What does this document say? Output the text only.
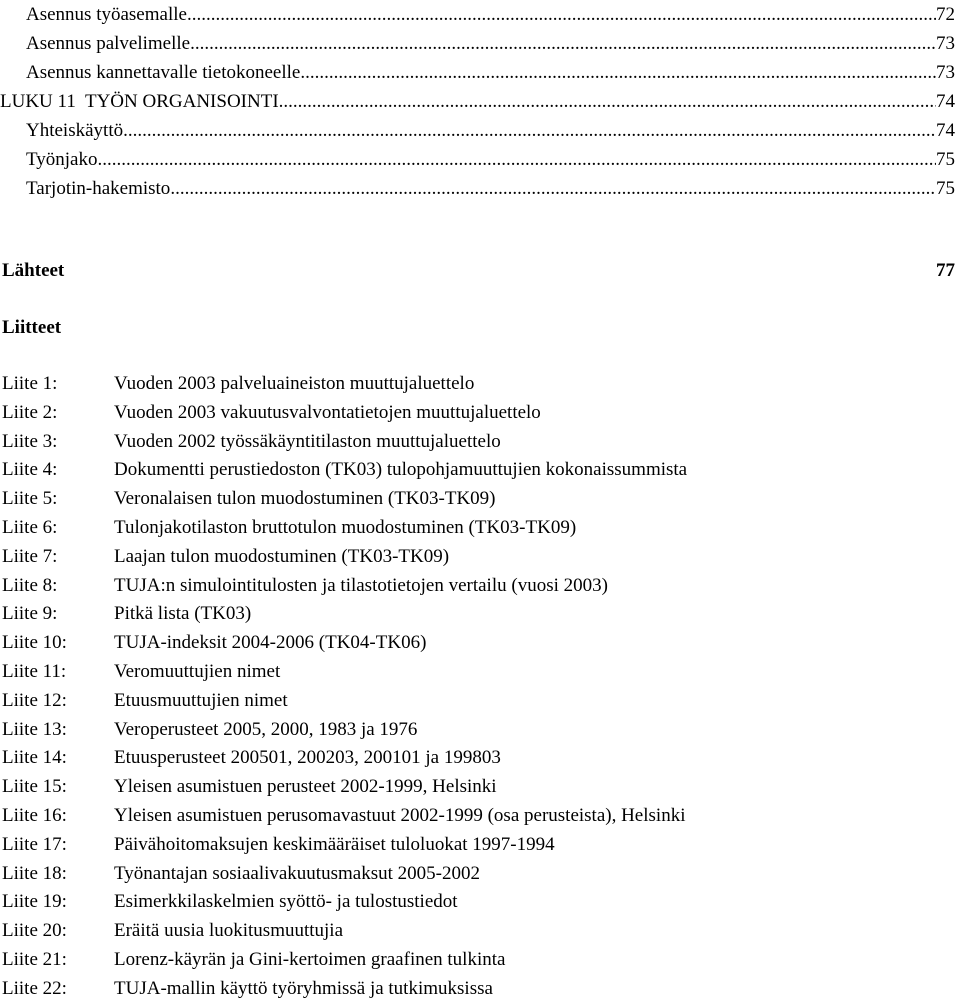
Asennus työasemalle .....	72
Asennus palvelimelle .....	73
Asennus kannettavalle tietokoneelle .....	73
LUKU 11  TYÖN ORGANISOINTI .....	74
Yhteiskäyttö .....	74
Työnjako .....	75
Tarjotin-hakemisto .....	75
Lähteet	77
Liitteet
Liite 1:	Vuoden 2003 palveluaineiston muuttujaluettelo
Liite 2:	Vuoden 2003 vakuutusvalvontatietojen muuttujaluettelo
Liite 3:	Vuoden 2002 työssäkäyntitilaston muuttujaluettelo
Liite 4:	Dokumentti perustiedoston (TK03) tulopohjamuuttujien kokonaissummista
Liite 5:	Veronalaisen tulon muodostuminen (TK03-TK09)
Liite 6:	Tulonjakotilaston bruttotulon muodostuminen (TK03-TK09)
Liite 7:	Laajan tulon muodostuminen (TK03-TK09)
Liite 8:	TUJA:n simulointitulosten ja tilastotietojen vertailu (vuosi 2003)
Liite 9:	Pitkä lista (TK03)
Liite 10:	TUJA-indeksit 2004-2006 (TK04-TK06)
Liite 11:	Veromuuttujien nimet
Liite 12:	Etuusmuuttujien nimet
Liite 13:	Veroperusteet 2005, 2000, 1983 ja 1976
Liite 14:	Etuusperusteet 200501, 200203, 200101 ja 199803
Liite 15:	Yleisen asumistuen perusteet 2002-1999, Helsinki
Liite 16:	Yleisen asumistuen perusomavastuut 2002-1999 (osa perusteista), Helsinki
Liite 17:	Päivähoitomaksujen keskimääräiset tuloluokat 1997-1994
Liite 18:	Työnantajan sosiaalivakuutusmaksut 2005-2002
Liite 19:	Esimerkkilaskelmien syöttö- ja tulostustiedot
Liite 20:	Eräitä uusia luokitusmuuttujia
Liite 21:	Lorenz-käyrän ja Gini-kertoimen graafinen tulkinta
Liite 22:	TUJA-mallin käyttö työryhmissä ja tutkimuksissa
